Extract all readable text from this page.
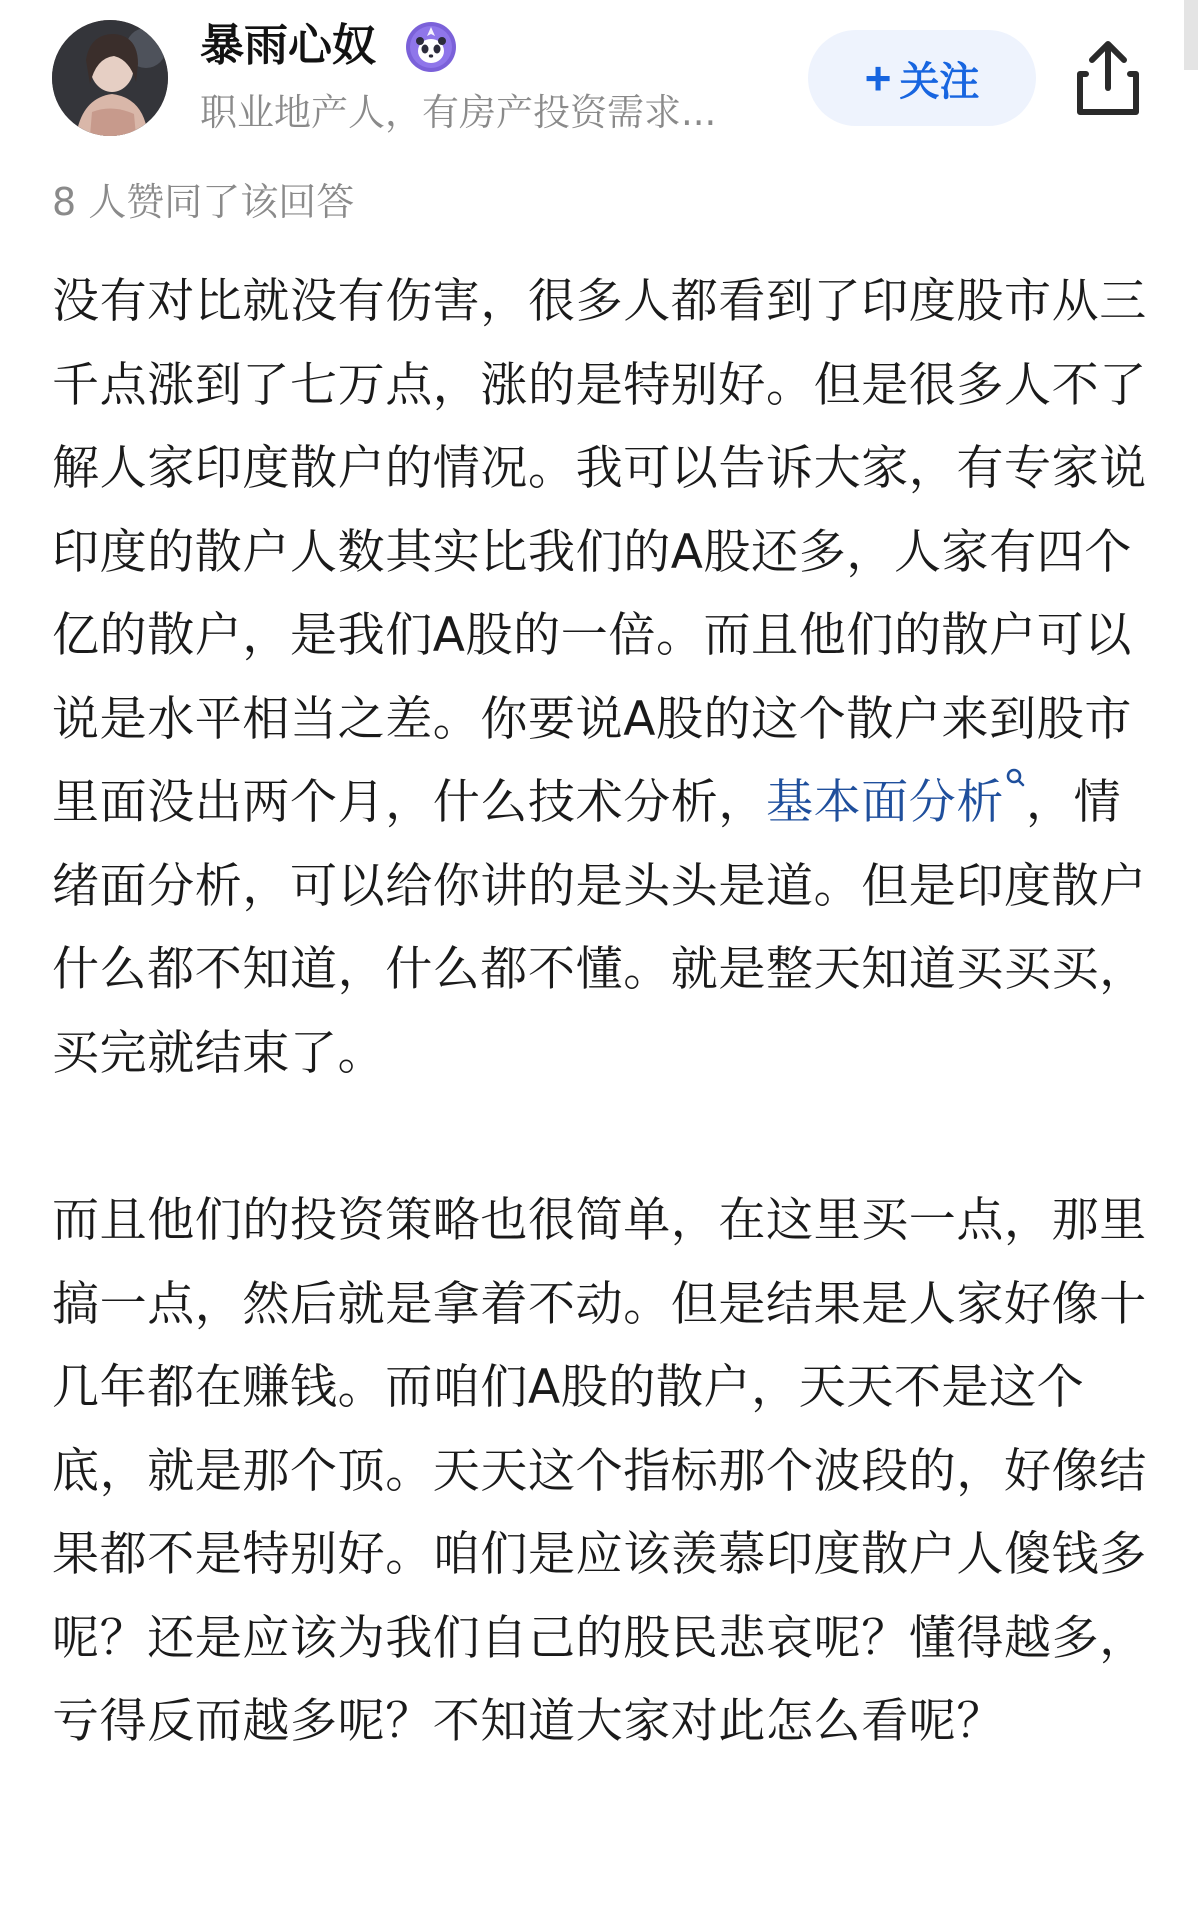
暴雨心奴
职业地产人，有房产投资需求...
+ 关注
8 人赞同了该回答

没有对比就没有伤害，很多人都看到了印度股市从三千点涨到了七万点，涨的是特别好。但是很多人不了解人家印度散户的情况。我可以告诉大家，有专家说印度的散户人数其实比我们的A股还多，人家有四个亿的散户，是我们A股的一倍。而且他们的散户可以说是水平相当之差。你要说A股的这个散户来到股市里面没出两个月，什么技术分析，基本面分析 ，情绪面分析，可以给你讲的是头头是道。但是印度散户什么都不知道，什么都不懂。就是整天知道买买买，买完就结束了。

而且他们的投资策略也很简单，在这里买一点，那里搞一点，然后就是拿着不动。但是结果是人家好像十几年都在赚钱。而咱们A股的散户，天天不是这个底，就是那个顶。天天这个指标那个波段的，好像结果都不是特别好。咱们是应该羡慕印度散户人傻钱多呢？还是应该为我们自己的股民悲哀呢？懂得越多，亏得反而越多呢？不知道大家对此怎么看呢？
